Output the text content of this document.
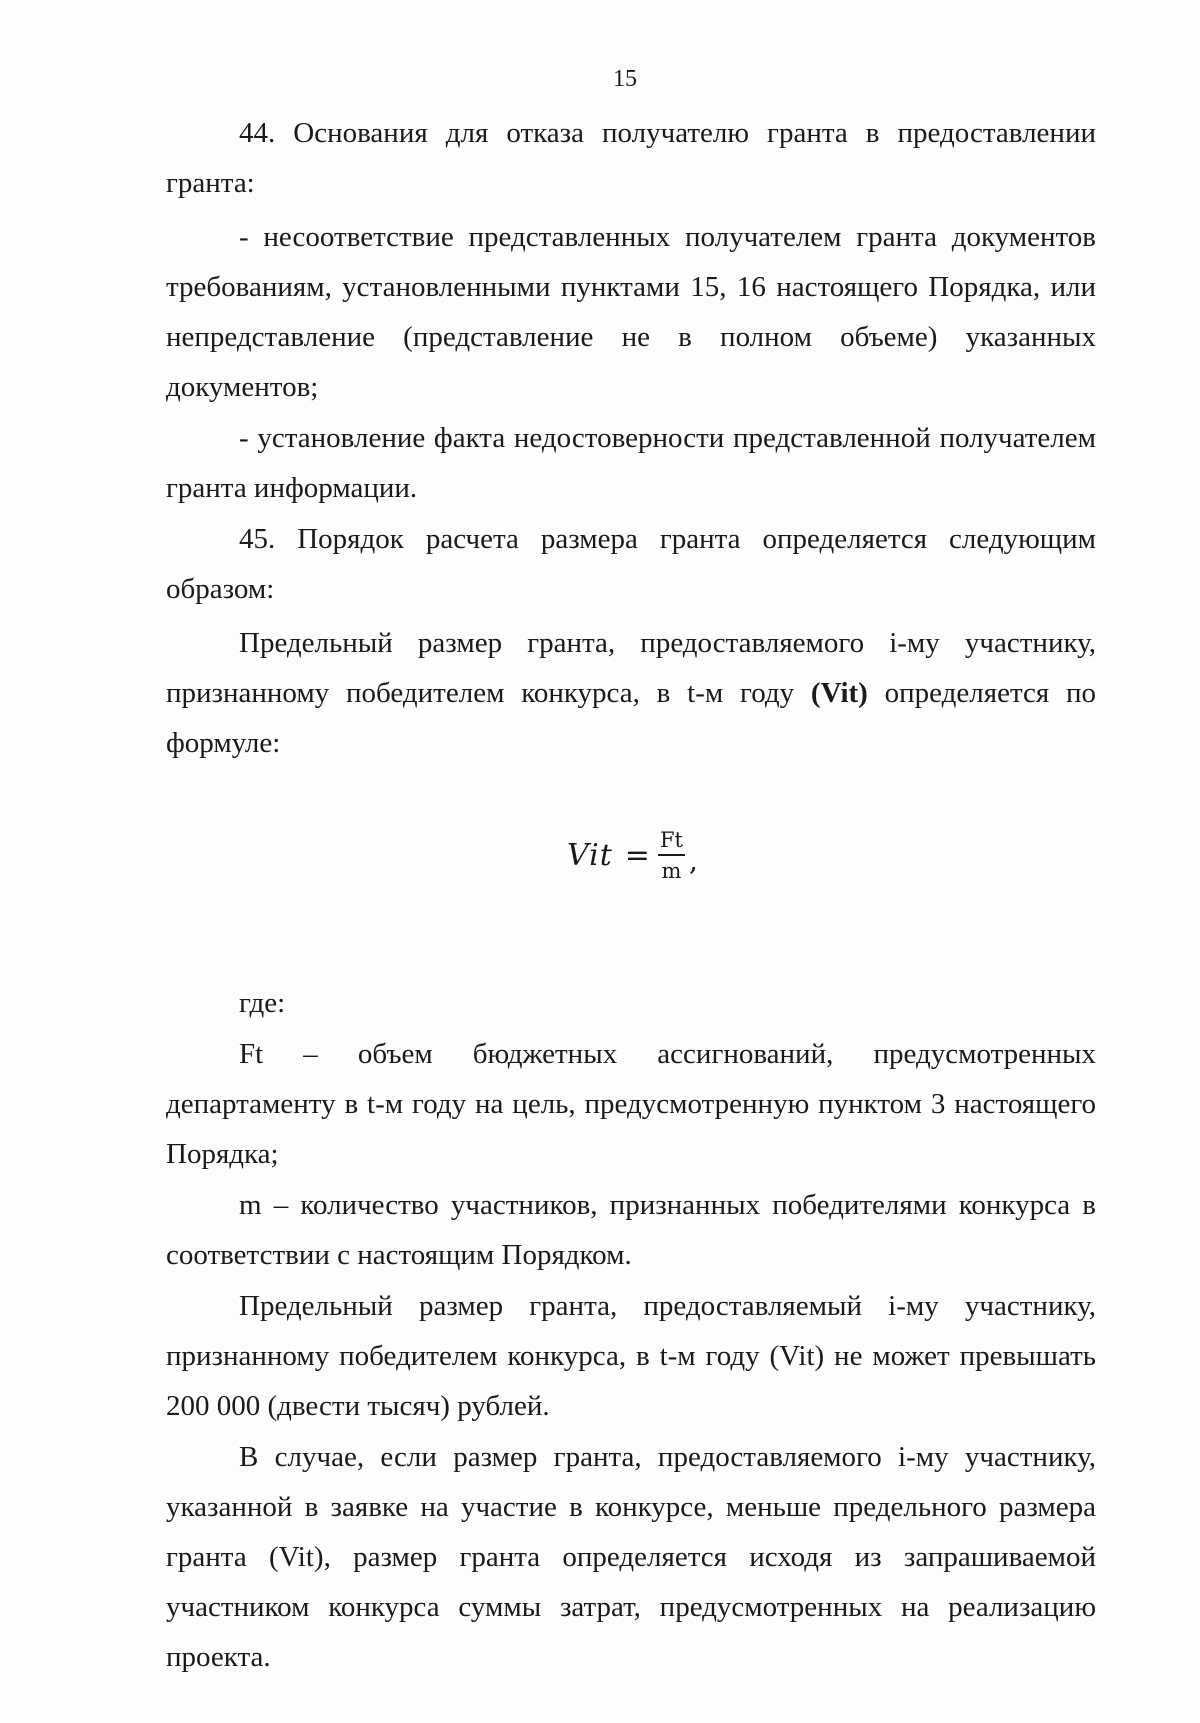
15

44. Основания для отказа получателю гранта в предоставлении гранта:

- несоответствие представленных получателем гранта документов требованиям, установленными пунктами 15, 16 настоящего Порядка, или непредставление (представление не в полном объеме) указанных документов;

- установление факта недостоверности представленной получателем гранта информации.

45. Порядок расчета размера гранта определяется следующим образом:

Предельный размер гранта, предоставляемого i-му участнику, признанному победителем конкурса, в t-м году (Vit) определяется по формуле:

Vit = $\frac{Ft}{m}$ ,

где:

Ft – объем бюджетных ассигнований, предусмотренных департаменту в t-м году на цель, предусмотренную пунктом 3 настоящего Порядка;

m – количество участников, признанных победителями конкурса в соответствии с настоящим Порядком.

Предельный размер гранта, предоставляемый i-му участнику, признанному победителем конкурса, в t-м году (Vit) не может превышать 200 000 (двести тысяч) рублей.

В случае, если размер гранта, предоставляемого i-му участнику, указанной в заявке на участие в конкурсе, меньше предельного размера гранта (Vit), размер гранта определяется исходя из запрашиваемой участником конкурса суммы затрат, предусмотренных на реализацию проекта.
